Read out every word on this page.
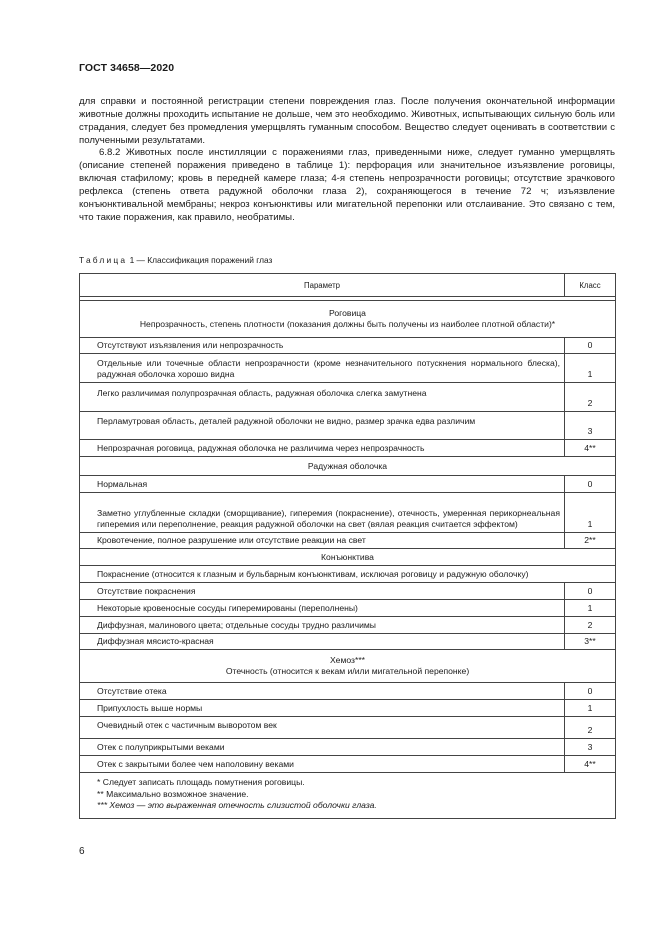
ГОСТ 34658—2020
для справки и постоянной регистрации степени повреждения глаз. После получения окончательной информации животные должны проходить испытание не дольше, чем это необходимо. Животных, испытывающих сильную боль или страдания, следует без промедления умерщвлять гуманным способом. Вещество следует оценивать в соответствии с полученными результатами.
6.8.2 Животных после инстилляции с поражениями глаз, приведенными ниже, следует гуманно умерщвлять (описание степеней поражения приведено в таблице 1): перфорация или значительное изъязвление роговицы, включая стафилому; кровь в передней камере глаза; 4-я степень непрозрачности роговицы; отсутствие зрачкового рефлекса (степень ответа радужной оболочки глаза 2), сохраняющегося в течение 72 ч; изъязвление конъюнктивальной мембраны; некроз конъюнктивы или мигательной перепонки или отслаивание. Это связано с тем, что такие поражения, как правило, необратимы.
Таблица 1 — Классификация поражений глаз
Параметр	Класс

Роговица
Непрозрачность, степень плотности (показания должны быть получены из наиболее плотной области)*	

Отсутствуют изъязвления или непрозрачность	0

Отдельные или точечные области непрозрачности (кроме незначительного потускнения нормального блеска), радужная оболочка хорошо видна	1

Легко различимая полупрозрачная область, радужная оболочка слегка замутнена	2

Перламутровая область, деталей радужной оболочки не видно, размер зрачка едва различим	3

Непрозрачная роговица, радужная оболочка не различима через непрозрачность	4**

Радужная оболочка	

Нормальная	0

Заметно углубленные складки (сморщивание), гиперемия (покраснение), отечность, умеренная перикорнеальная гиперемия или переполнение, реакция радужной оболочки на свет (вялая реакция считается эффектом)	1

Кровотечение, полное разрушение или отсутствие реакции на свет	2**

Конъюнктива	

Покраснение (относится к глазным и бульбарным конъюнктивам, исключая роговицу и радужную оболочку)	

Отсутствие покраснения	0

Некоторые кровеносные сосуды гиперемированы (переполнены)	1

Диффузная, малинового цвета; отдельные сосуды трудно различимы	2

Диффузная мясисто-красная	3**

Хемоз***
Отечность (относится к векам и/или мигательной перепонке)	

Отсутствие отека	0

Припухлость выше нормы	1

Очевидный отек с частичным выворотом век	2

Отек с полуприкрытыми веками	3

Отек с закрытыми более чем наполовину веками	4**

* Следует записать площадь помутнения роговицы.
** Максимально возможное значение.
*** Хемоз — это выраженная отечность слизистой оболочки глаза.	
6
